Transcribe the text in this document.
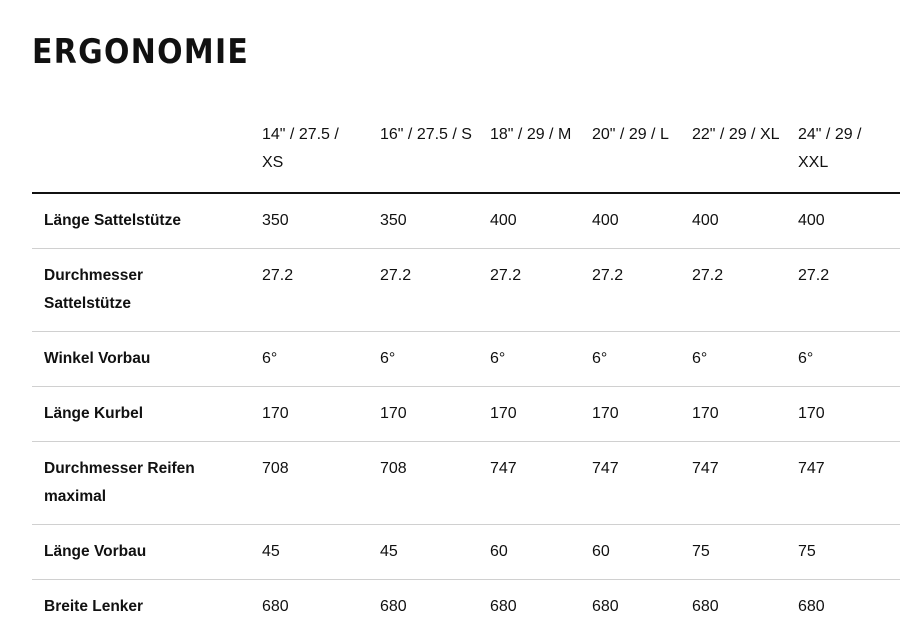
ERGONOMIE

	14" / 27.5 / XS	16" / 27.5 / S	18" / 29 / M	20" / 29 / L	22" / 29 / XL	24" / 29 / XXL

Länge Sattelstütze	350	350	400	400	400	400

Durchmesser Sattelstütze	27.2	27.2	27.2	27.2	27.2	27.2

Winkel Vorbau	6°	6°	6°	6°	6°	6°

Länge Kurbel	170	170	170	170	170	170

Durchmesser Reifen maximal	708	708	747	747	747	747

Länge Vorbau	45	45	60	60	75	75

Breite Lenker	680	680	680	680	680	680
